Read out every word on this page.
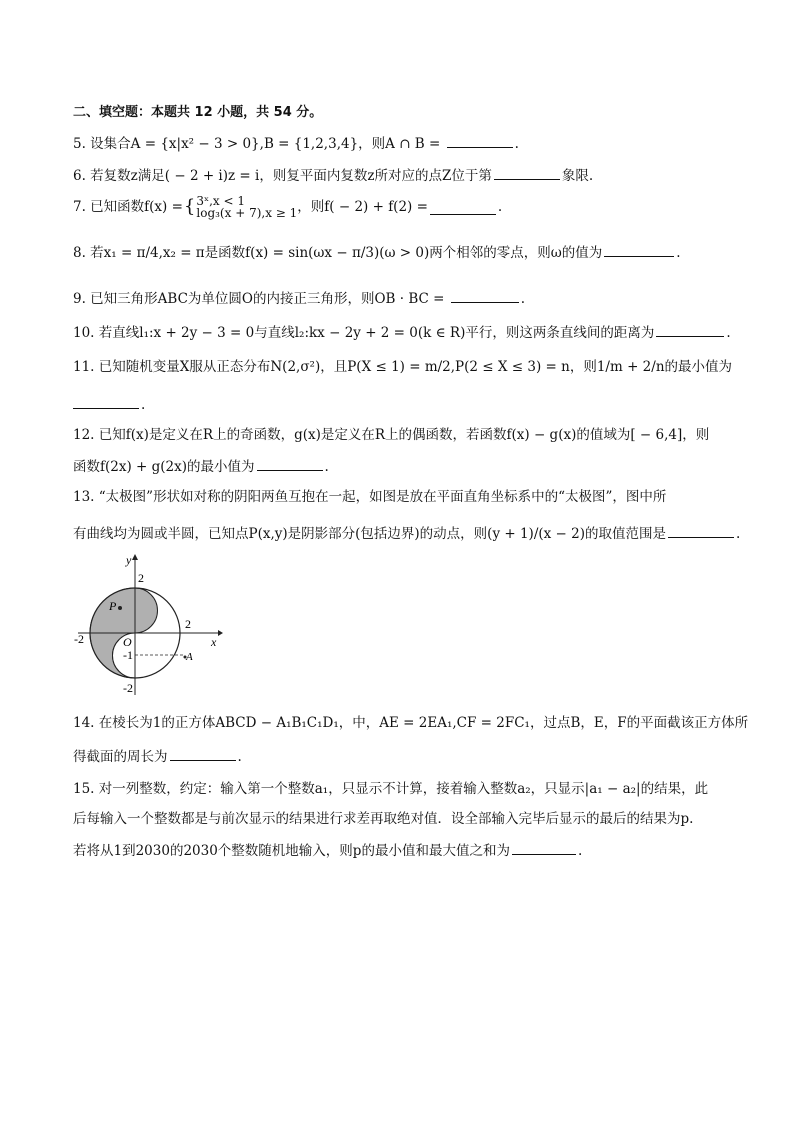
二、填空题：本题共 12 小题，共 54 分。
5. 设集合A = {x|x² − 3 > 0},B = {1,2,3,4}，则A ∩ B =	.
6. 若复数z满足( − 2 + i)z = i，则复平面内复数z所对应的点Z位于第	象限.
7. 已知函数f(x) = { 3ˣ,x < 1
log₃(x + 7),x ≥ 1 ，则f( − 2) + f(2) =	.
8. 若x₁ = π/4,x₂ = π是函数f(x) = sin(ωx − π/3)(ω > 0)两个相邻的零点，则ω的值为	.
9. 已知三角形ABC为单位圆O的内接正三角形，则OB · BC =	.
10. 若直线l₁:x + 2y − 3 = 0与直线l₂:kx − 2y + 2 = 0(k ∈ R)平行，则这两条直线间的距离为	.
11. 已知随机变量X服从正态分布N(2,σ²)，且P(X ≤ 1) = m/2,P(2 ≤ X ≤ 3) = n，则1/m + 2/n的最小值为
.
12. 已知f(x)是定义在R上的奇函数，g(x)是定义在R上的偶函数，若函数f(x) − g(x)的值域为[ − 6,4]，则
函数f(2x) + g(2x)的最小值为	.
13. “太极图”形状如对称的阴阳两鱼互抱在一起，如图是放在平面直角坐标系中的“太极图”，图中所
有曲线均为圆或半圆，已知点P(x,y)是阴影部分(包括边界)的动点，则(y + 1)/(x − 2)的取值范围是	.
y
x
O
P
A
2
2
-2
-1
-2
14. 在棱长为1的正方体ABCD − A₁B₁C₁D₁，中，AE = 2EA₁,CF = 2FC₁，过点B，E，F的平面截该正方体所
得截面的周长为	.
15. 对一列整数，约定：输入第一个整数a₁，只显示不计算，接着输入整数a₂，只显示|a₁ − a₂|的结果，此
后每输入一个整数都是与前次显示的结果进行求差再取绝对值．设全部输入完毕后显示的最后的结果为p.
若将从1到2030的2030个整数随机地输入，则p的最小值和最大值之和为	.
